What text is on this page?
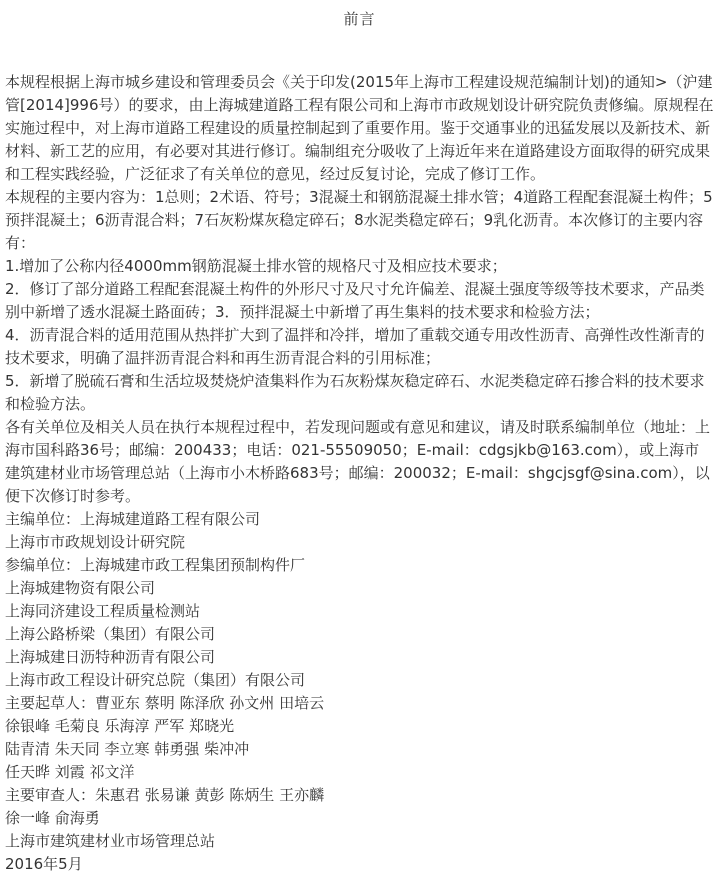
前言

本规程根据上海市城乡建设和管理委员会《关于印发(2015年上海市工程建设规范编制计划)的通知>（沪建管[2014]996号）的要求，由上海城建道路工程有限公司和上海市市政规划设计研究院负责修编。原规程在实施过程中，对上海市道路工程建设的质量控制起到了重要作用。鉴于交通事业的迅猛发展以及新技术、新材料、新工艺的应用，有必要对其进行修订。编制组充分吸收了上海近年来在道路建设方面取得的研究成果和工程实践经验，广泛征求了有关单位的意见，经过反复讨论，完成了修订工作。

本规程的主要内容为：1总则；2术语、符号；3混凝土和钢筋混凝土排水管；4道路工程配套混凝土构件；5预拌混凝土；6沥青混合料；7石灰粉煤灰稳定碎石；8水泥类稳定碎石；9乳化沥青。本次修订的主要内容有：

1.增加了公称内径4000mm钢筋混凝土排水管的规格尺寸及相应技术要求；

2．修订了部分道路工程配套混凝土构件的外形尺寸及尺寸允许偏差、混凝土强度等级等技术要求，产品类别中新增了透水混凝土路面砖；3．预拌混凝土中新增了再生集料的技术要求和检验方法；

4．沥青混合料的适用范围从热拌扩大到了温拌和冷拌，增加了重载交通专用改性沥青、高弹性改性渐青的技术要求，明确了温拌沥青混合料和再生沥青混合料的引用标准；

5．新增了脱硫石膏和生活垃圾焚烧炉渣集料作为石灰粉煤灰稳定碎石、水泥类稳定碎石掺合料的技术要求和检验方法。

各有关单位及相关人员在执行本规程过程中，若发现问题或有意见和建议，请及时联系编制单位（地址：上海市国科路36号；邮编：200433；电话：021-55509050；E-mail：cdgsjkb@163.com），或上海市建筑建材业市场管理总站（上海市小木桥路683号；邮编：200032；E-mail：shgcjsgf@sina.com），以便下次修订时参考。

主编单位：上海城建道路工程有限公司

上海市市政规划设计研究院

参编单位：上海城建市政工程集团预制构件厂

上海城建物资有限公司

上海同济建设工程质量检测站

上海公路桥梁（集团）有限公司

上海城建日沥特种沥青有限公司

上海市政工程设计研究总院（集团）有限公司

主要起草人：曹亚东 蔡明 陈泽欣 孙文州 田培云

徐银峰 毛菊良 乐海淳 严军 郑晓光

陆青清 朱天同 李立寒 韩勇强 柴冲冲

任天晔 刘霞 祁文洋

主要审查人：朱惠君 张易谦 黄彭 陈炳生 王亦麟

徐一峰 俞海勇

上海市建筑建材业市场管理总站

2016年5月
